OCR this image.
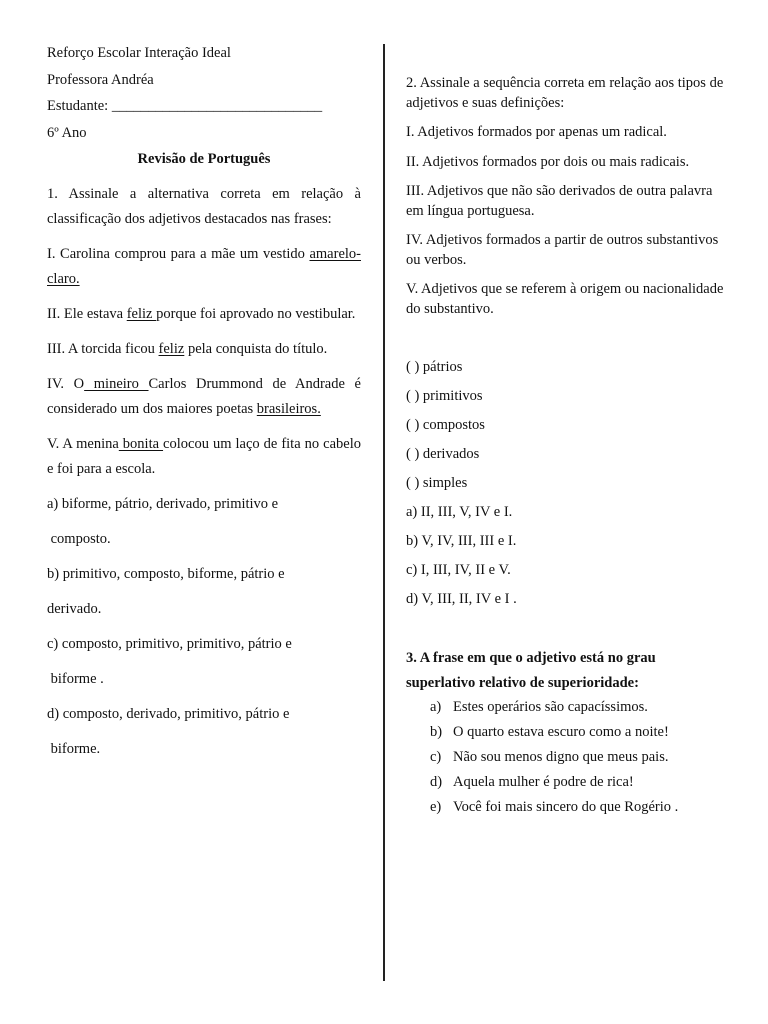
Reforço Escolar Interação Ideal
Professora Andréa
Estudante: _____________________________
6º Ano
Revisão de Português

1. Assinale a alternativa correta em relação à classificação dos adjetivos destacados nas frases:

I. Carolina comprou para a mãe um vestido amarelo-claro.

II. Ele estava feliz porque foi aprovado no vestibular.

III. A torcida ficou feliz pela conquista do título.

IV. O mineiro Carlos Drummond de Andrade é considerado um dos maiores poetas brasileiros.

V. A menina bonita colocou um laço de fita no cabelo e foi para a escola.

a) biforme, pátrio, derivado, primitivo e
composto.
b) primitivo, composto, biforme, pátrio e
derivado.
c) composto, primitivo, primitivo, pátrio e
biforme .
d) composto, derivado, primitivo, pátrio e
biforme.

2. Assinale a sequência correta em relação aos tipos de adjetivos e suas definições:

I. Adjetivos formados por apenas um radical.

II. Adjetivos formados por dois ou mais radicais.

III. Adjetivos que não são derivados de outra palavra em língua portuguesa.

IV. Adjetivos formados a partir de outros substantivos ou verbos.

V. Adjetivos que se referem à origem ou nacionalidade do substantivo.

( ) pátrios
( ) primitivos
( ) compostos
( ) derivados
( ) simples
a) II, III, V, IV e I.
b) V, IV, III, III e I.
c) I, III, IV, II e V.
d) V, III, II, IV e I .
3. A frase em que o adjetivo está no grau
superlativo relativo de superioridade:
a) Estes operários são capacíssimos.
b) O quarto estava escuro como a noite!
c) Não sou menos digno que meus pais.
d) Aquela mulher é podre de rica!
e) Você foi mais sincero do que Rogério .
